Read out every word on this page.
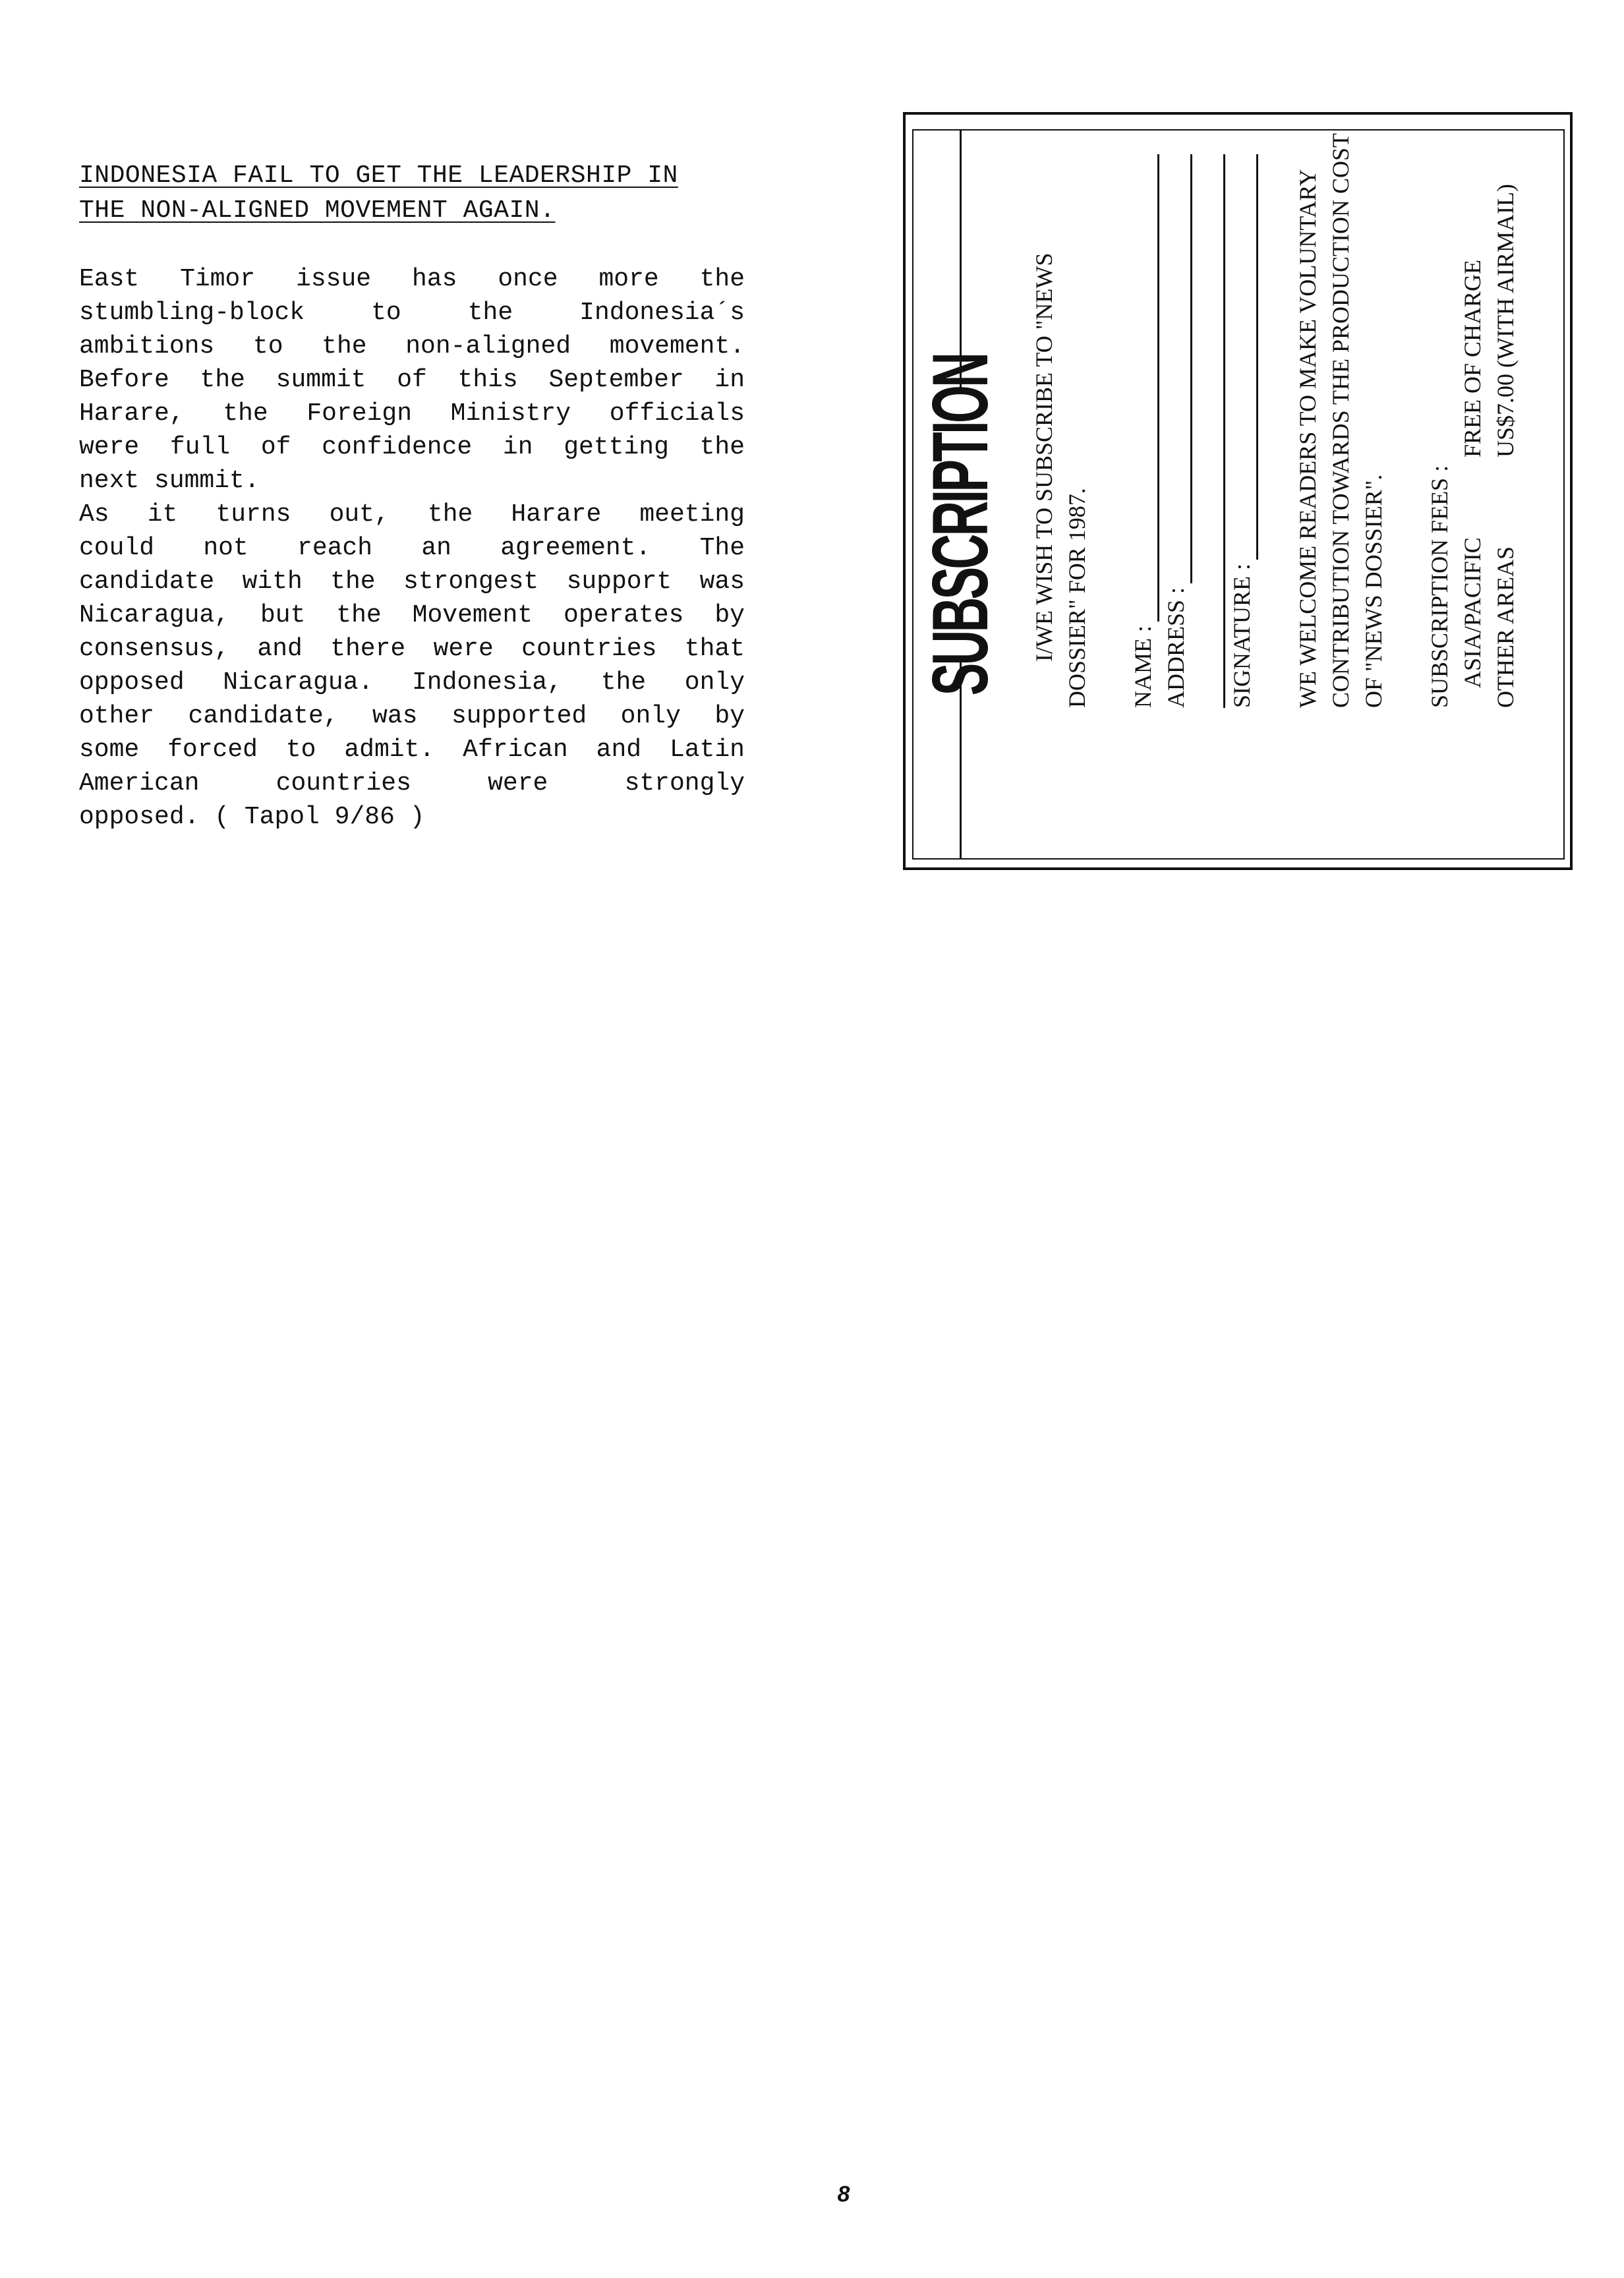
INDONESIA FAIL TO GET THE LEADERSHIP IN
THE NON-ALIGNED MOVEMENT AGAIN.
East Timor issue has once more the
stumbling-block to the Indonesia´s
ambitions to the non-aligned movement.
Before the summit of this September in
Harare, the Foreign Ministry officials
were full of confidence in getting the
next summit.
As it turns out, the Harare meeting
could not reach an agreement. The
candidate with the strongest support was
Nicaragua, but the Movement operates by
consensus, and there were countries that
opposed Nicaragua. Indonesia, the only
other candidate, was supported only by
some forced to admit. African and Latin
American countries were strongly
opposed. ( Tapol 9/86 )
SUBSCRIPTION I/WE WISH TO SUBSCRIBE TO "NEWS DOSSIER" FOR 1987. NAME : ADDRESS : SIGNATURE : WE WELCOME READERS TO MAKE VOLUNTARY CONTRIBUTION TOWARDS THE PRODUCTION COST OF "NEWS DOSSIER". SUBSCRIPTION FEES : ASIA/PACIFIC
FREE OF CHARGE
OTHER AREAS
US$7.00 (WITH AIRMAIL)
8
